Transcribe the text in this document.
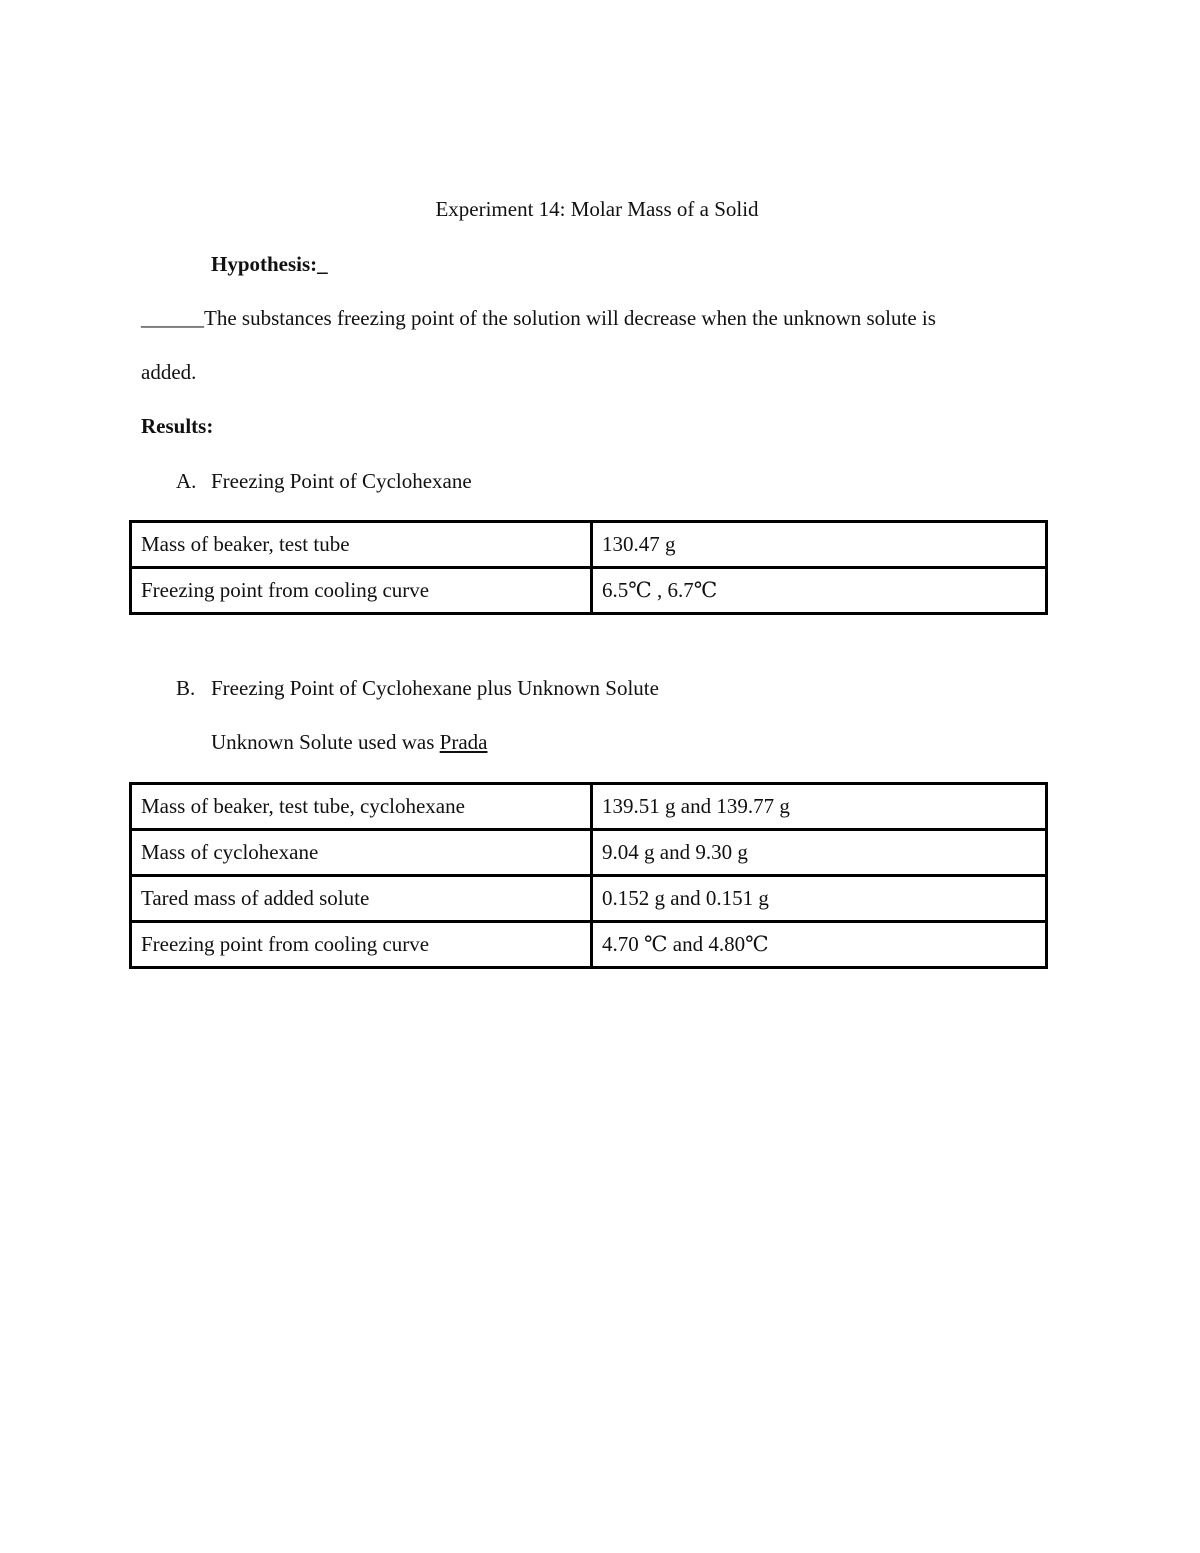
Experiment 14: Molar Mass of a Solid
Hypothesis:_
______The substances freezing point of the solution will decrease when the unknown solute is
added.
Results:
A. Freezing Point of Cyclohexane
Mass of beaker, test tube	130.47 g
Freezing point from cooling curve	6.5℃ , 6.7℃
B. Freezing Point of Cyclohexane plus Unknown Solute
Unknown Solute used was Prada
Mass of beaker, test tube, cyclohexane	139.51 g and 139.77 g
Mass of cyclohexane	9.04 g and 9.30 g
Tared mass of added solute	0.152 g and 0.151 g
Freezing point from cooling curve	4.70 ℃ and 4.80℃
